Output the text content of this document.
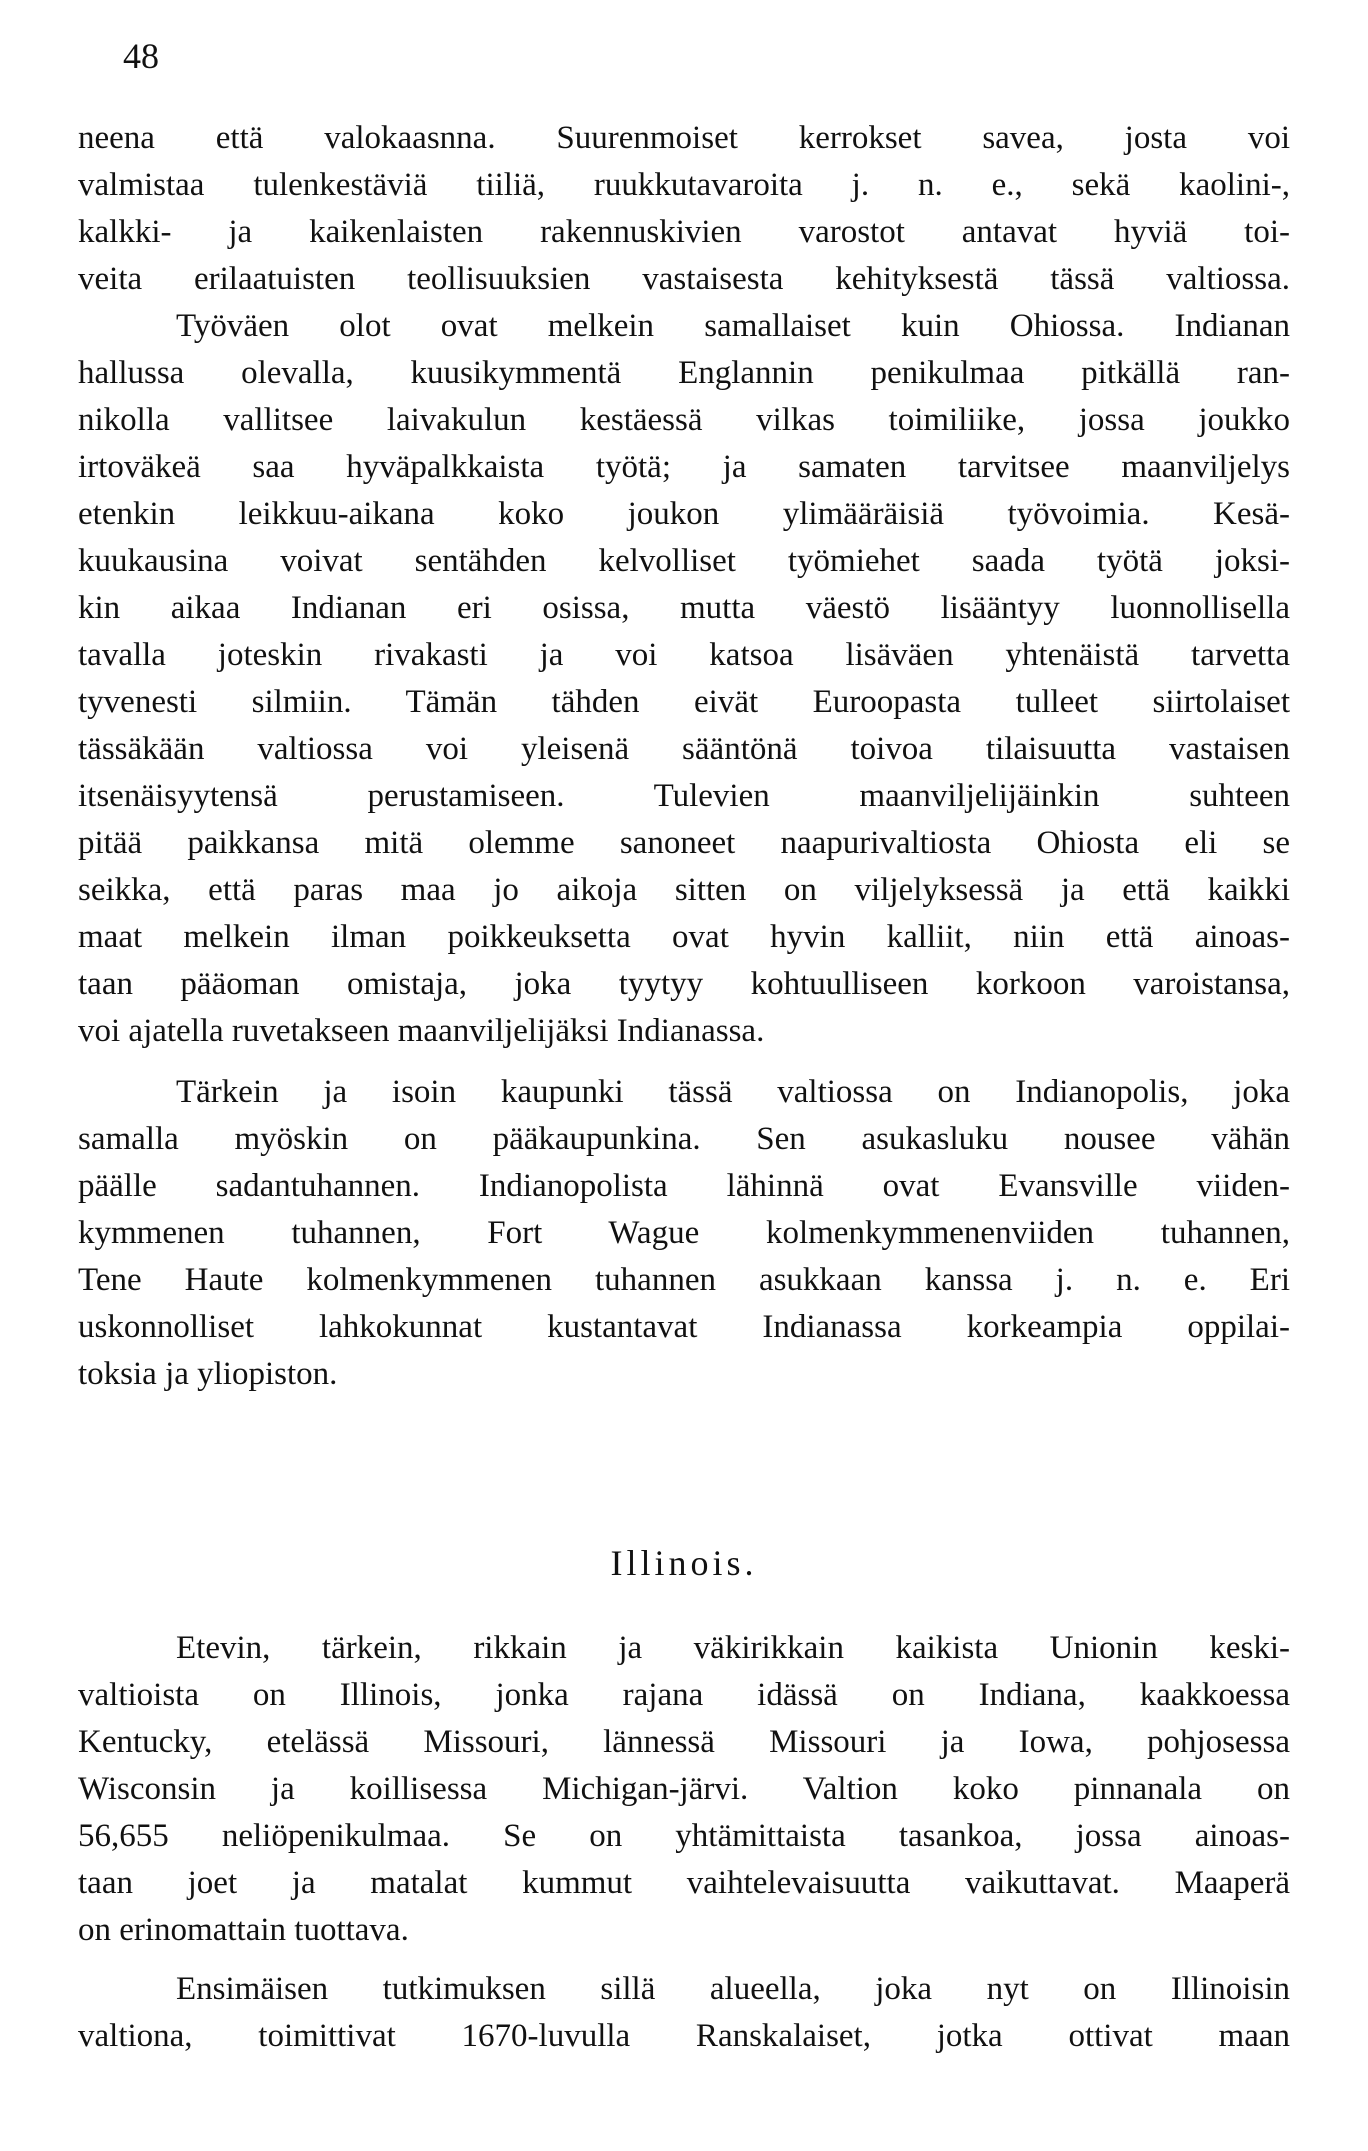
48
neena että valokaasnna. Suurenmoiset kerrokset savea, josta voi
valmistaa tulenkestäviä tiiliä, ruukkutavaroita j. n. e., sekä kaolini-,
kalkki- ja kaikenlaisten rakennuskivien varostot antavat hyviä toi-
veita erilaatuisten teollisuuksien vastaisesta kehityksestä tässä valtiossa.
Työväen olot ovat melkein samallaiset kuin Ohiossa. Indianan
hallussa olevalla, kuusikymmentä Englannin penikulmaa pitkällä ran-
nikolla vallitsee laivakulun kestäessä vilkas toimiliike, jossa joukko
irtoväkeä saa hyväpalkkaista työtä; ja samaten tarvitsee maanviljelys
etenkin leikkuu-aikana koko joukon ylimääräisiä työvoimia. Kesä-
kuukausina voivat sentähden kelvolliset työmiehet saada työtä joksi-
kin aikaa Indianan eri osissa, mutta väestö lisääntyy luonnollisella
tavalla joteskin rivakasti ja voi katsoa lisäväen yhtenäistä tarvetta
tyvenesti silmiin. Tämän tähden eivät Euroopasta tulleet siirtolaiset
tässäkään valtiossa voi yleisenä sääntönä toivoa tilaisuutta vastaisen
itsenäisyytensä perustamiseen. Tulevien maanviljelijäinkin suhteen
pitää paikkansa mitä olemme sanoneet naapurivaltiosta Ohiosta eli se
seikka, että paras maa jo aikoja sitten on viljelyksessä ja että kaikki
maat melkein ilman poikkeuksetta ovat hyvin kalliit, niin että ainoas-
taan pääoman omistaja, joka tyytyy kohtuulliseen korkoon varoistansa,
voi ajatella ruvetakseen maanviljelijäksi Indianassa.
Tärkein ja isoin kaupunki tässä valtiossa on Indianopolis, joka
samalla myöskin on pääkaupunkina. Sen asukasluku nousee vähän
päälle sadantuhannen. Indianopolista lähinnä ovat Evansville viiden-
kymmenen tuhannen, Fort Wague kolmenkymmenenviiden tuhannen,
Tene Haute kolmenkymmenen tuhannen asukkaan kanssa j. n. e. Eri
uskonnolliset lahkokunnat kustantavat Indianassa korkeampia oppilai-
toksia ja yliopiston.
Illinois.
Etevin, tärkein, rikkain ja väkirikkain kaikista Unionin keski-
valtioista on Illinois, jonka rajana idässä on Indiana, kaakkoessa
Kentucky, etelässä Missouri, lännessä Missouri ja Iowa, pohjosessa
Wisconsin ja koillisessa Michigan-järvi. Valtion koko pinnanala on
56,655 neliöpenikulmaa. Se on yhtämittaista tasankoa, jossa ainoas-
taan joet ja matalat kummut vaihtelevaisuutta vaikuttavat. Maaperä
on erinomattain tuottava.
Ensimäisen tutkimuksen sillä alueella, joka nyt on Illinoisin
valtiona, toimittivat 1670-luvulla Ranskalaiset, jotka ottivat maan
